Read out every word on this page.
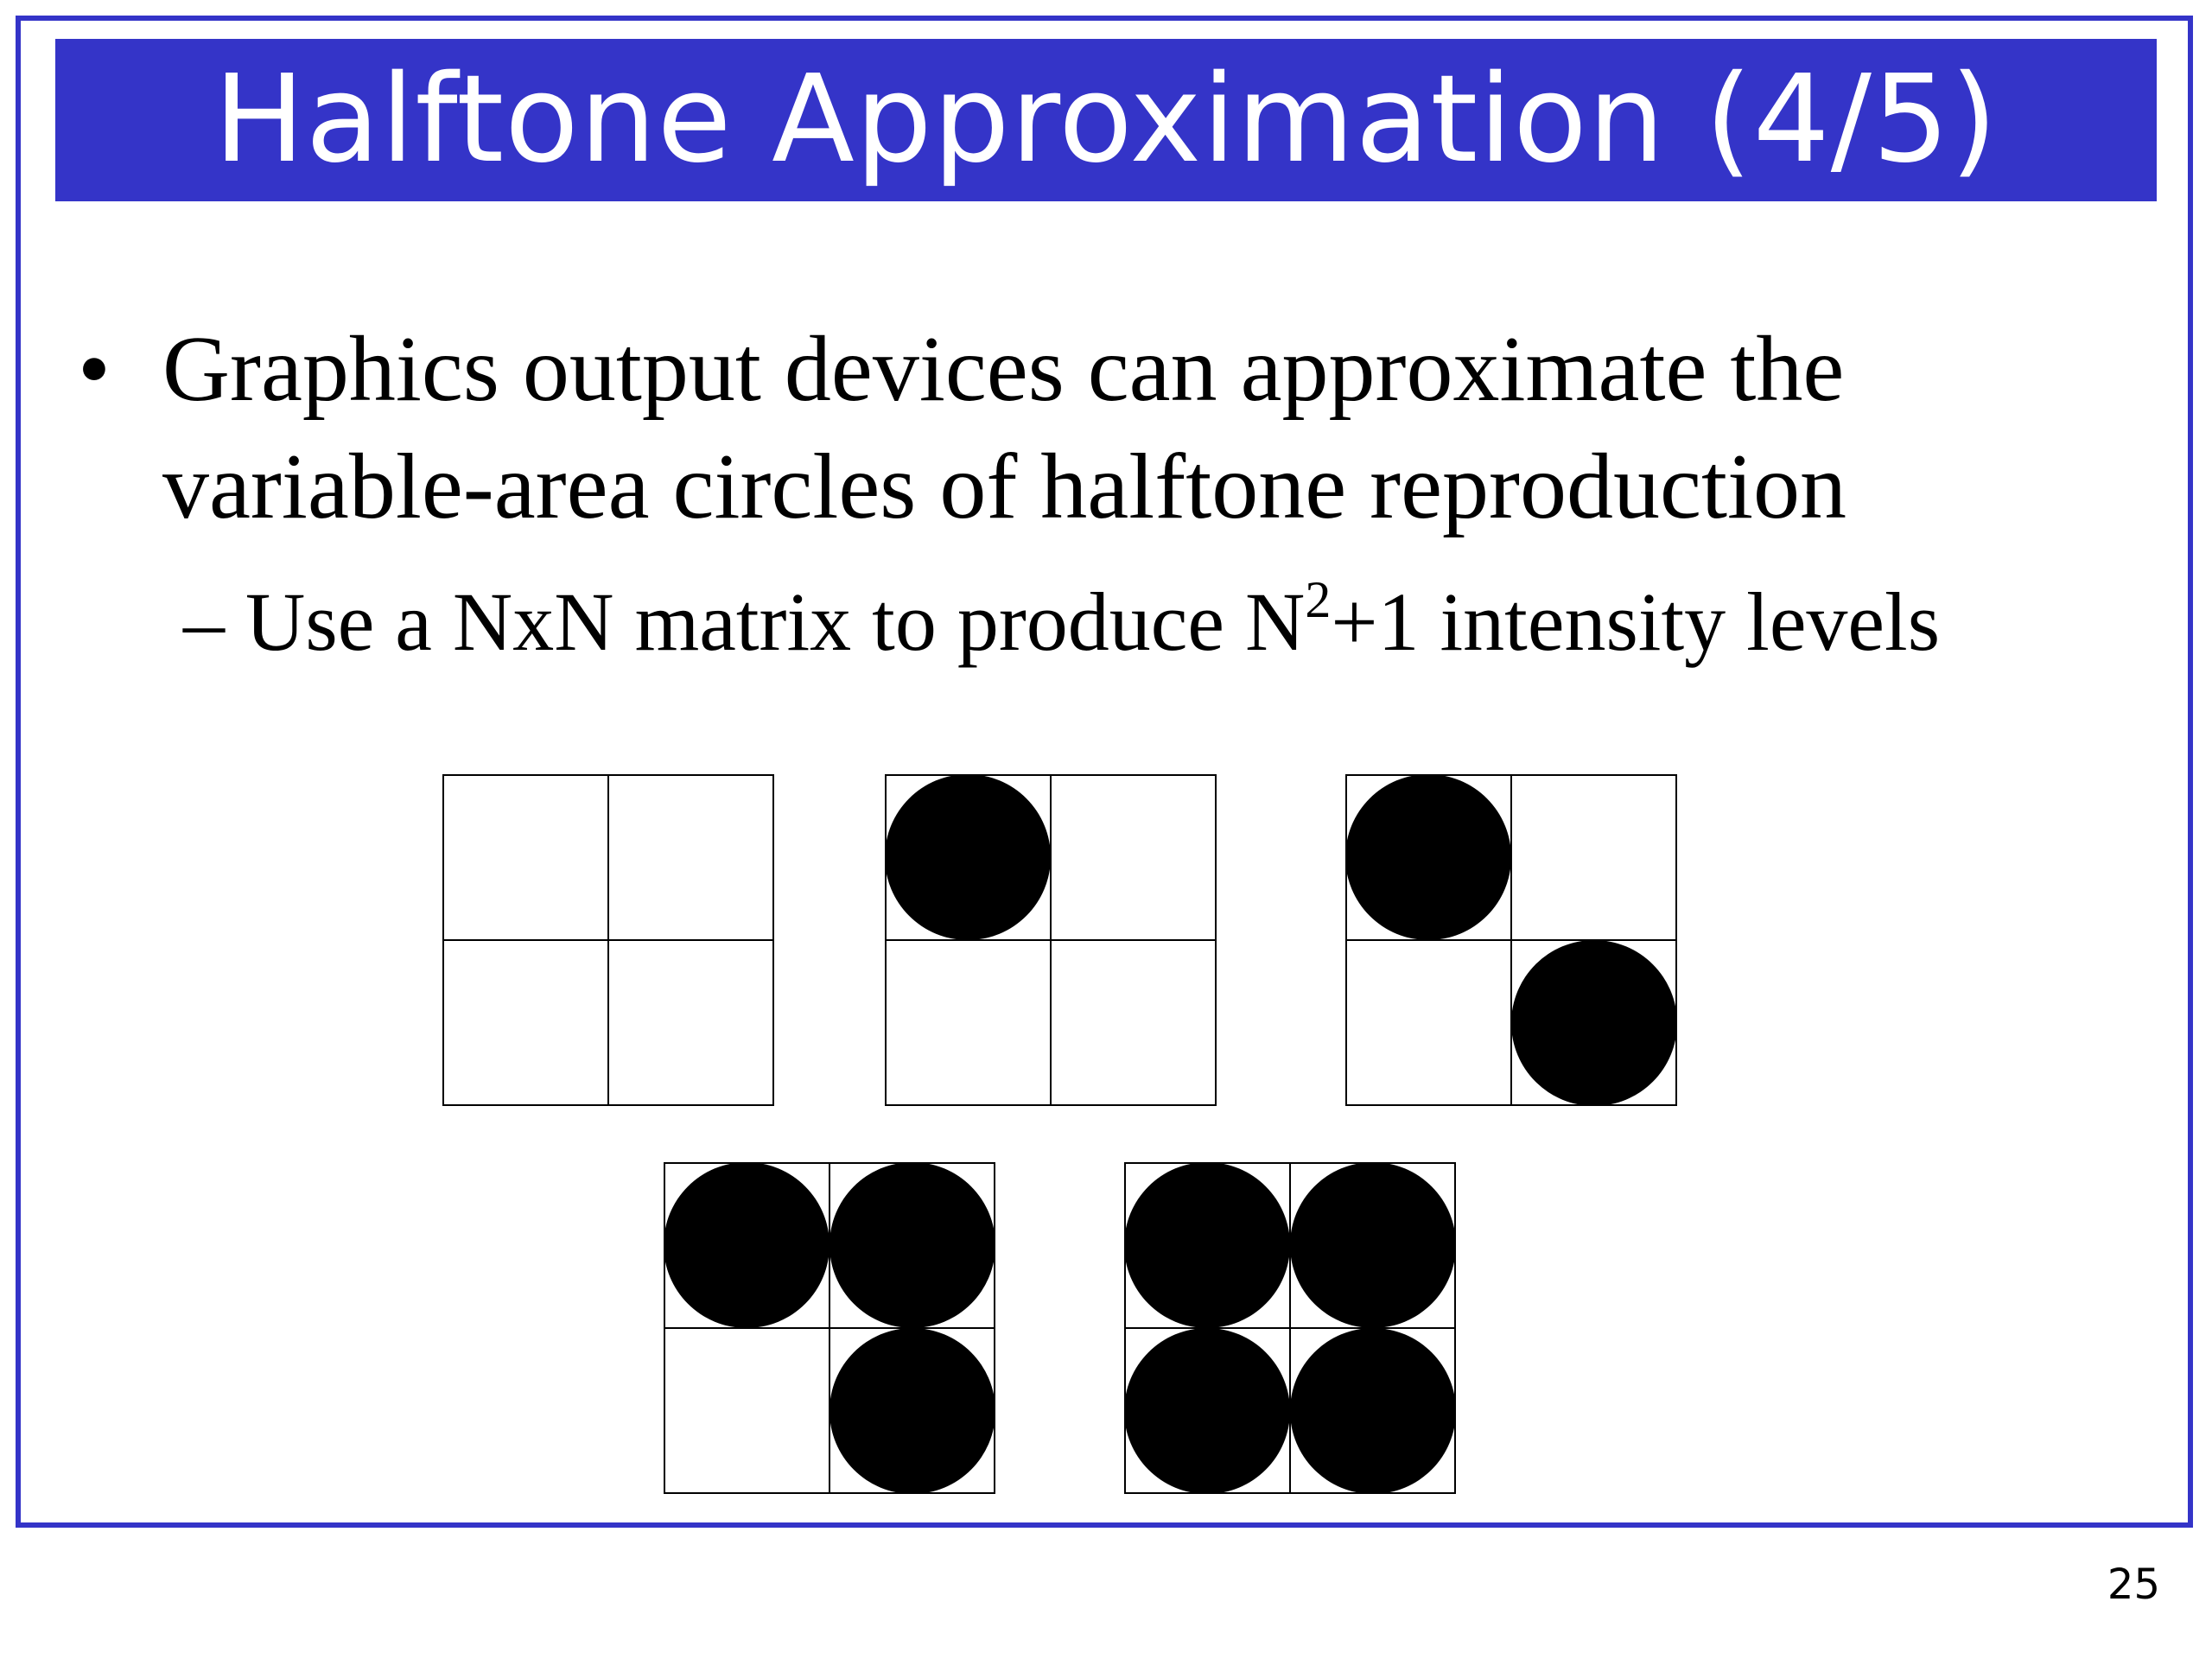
Halftone Approximation (4/5)
• Graphics output devices can approximate the variable-area circles of halftone reproduction
– Use a NxN matrix to produce $N^2+1$ intensity levels
25
